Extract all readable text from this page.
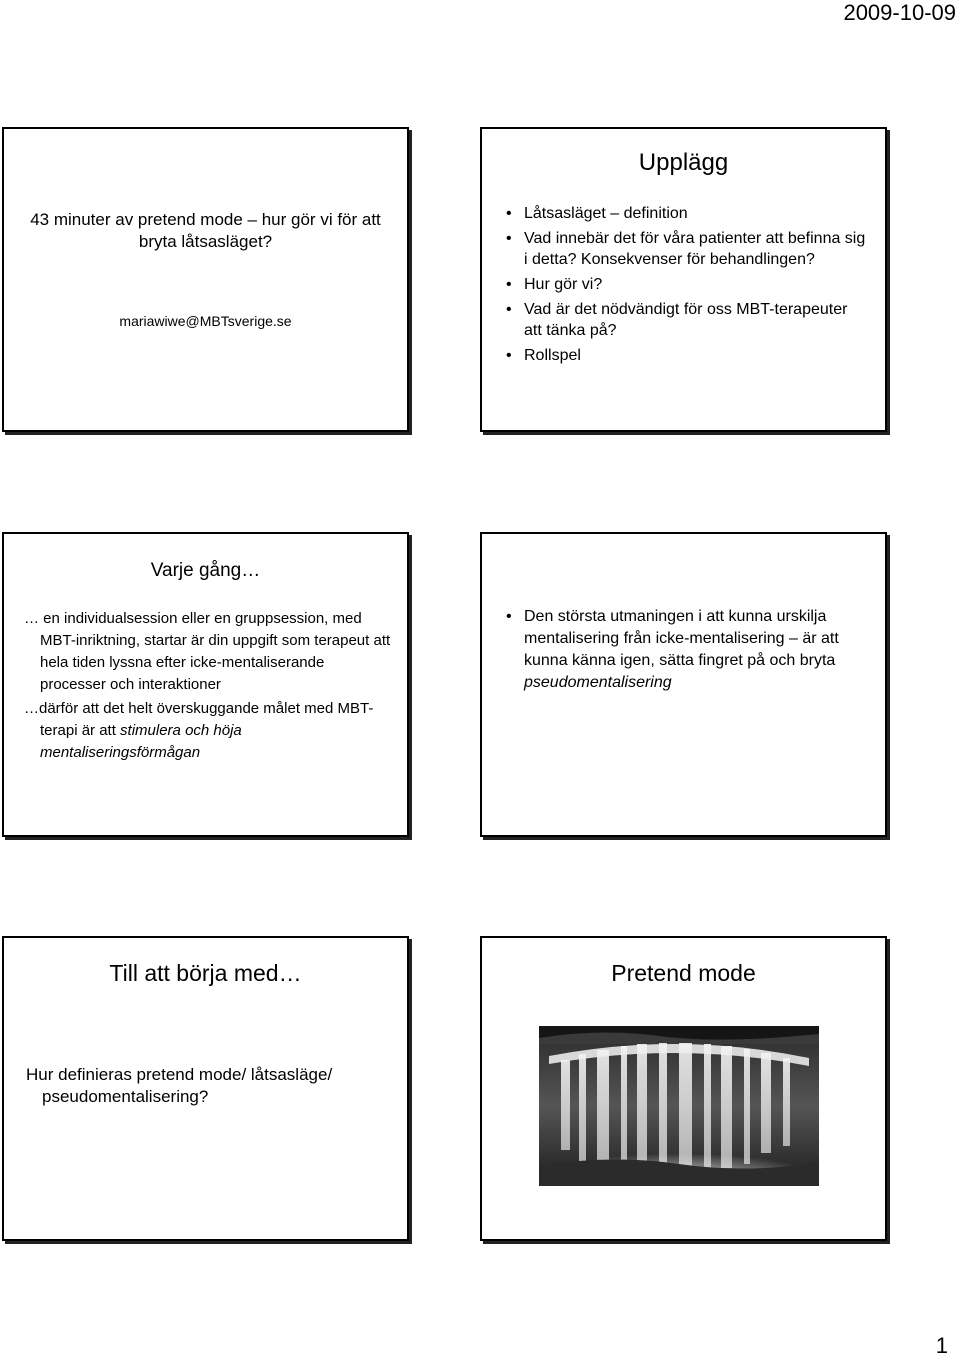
2009-10-09
43 minuter av pretend mode – hur gör vi för att bryta låtsasläget?
mariawiwe@MBTsverige.se
Upplägg
• Låtsasläget – definition
• Vad innebär det för våra patienter att befinna sig i detta? Konsekvenser för behandlingen?
• Hur gör vi?
• Vad är det nödvändigt för oss MBT-terapeuter att tänka på?
• Rollspel
Varje gång…
… en individualsession eller en gruppsession, med MBT-inriktning, startar är din uppgift som terapeut att hela tiden lyssna efter icke-mentaliserande processer och interaktioner
…därför att det helt överskuggande målet med MBT-terapi är att stimulera och höja mentaliseringsförmågan
• Den största utmaningen i att kunna urskilja mentalisering från icke-mentalisering – är att kunna känna igen, sätta fingret på och bryta pseudomentalisering
Till att börja med…
Hur definieras pretend mode/ låtsasläge/ pseudomentalisering?
Pretend mode
1
